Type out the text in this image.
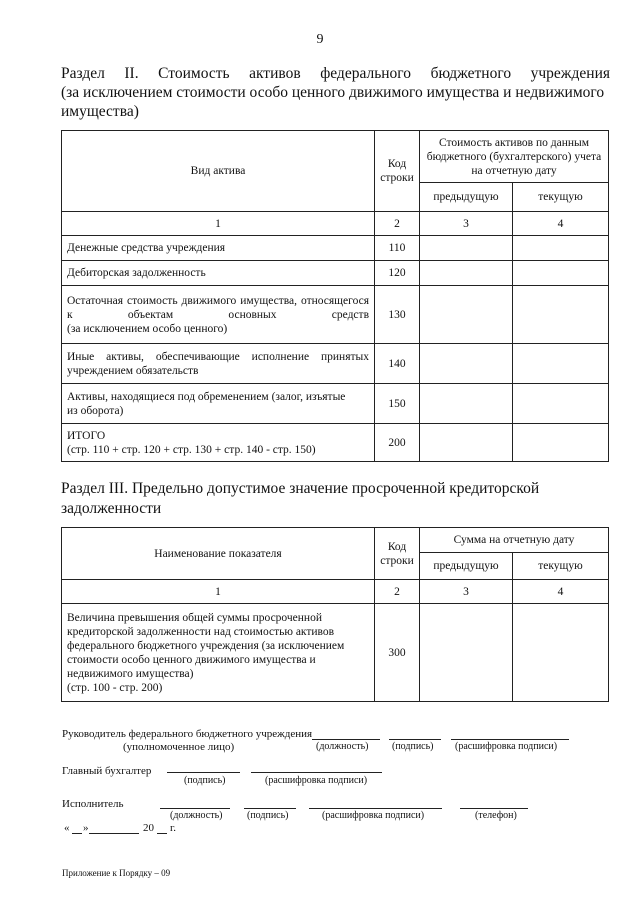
9
Раздел II. Стоимость активов федерального бюджетного учреждения
(за исключением стоимости особо ценного движимого имущества и недвижимого
имущества)
Вид актива	Код строки	Стоимость активов по данным бюджетного (бухгалтерского) учета на отчетную дату	
		предыдущую	текущую
1	2	3	4
Денежные средства учреждения	110		
Дебиторская задолженность	120		
Остаточная стоимость движимого имущества, относящегося к объектам основных средств
(за исключением особо ценного)	130		
Иные активы, обеспечивающие исполнение принятых
учреждением обязательств	140		
Активы, находящиеся под обременением (залог, изъятые
из оборота)	150		

ИТОГО
(стр. 110 + стр. 120 + стр. 130 + стр. 140 - стр. 150)	200		
Раздел III. Предельно допустимое значение просроченной кредиторской
задолженности
Наименование показателя	Код строки	Сумма на отчетную дату	
		предыдущую	текущую
1	2	3	4
Величина превышения общей суммы просроченной кредиторской задолженности над стоимостью активов федерального бюджетного учреждения (за исключением стоимости особо ценного движимого имущества и недвижимого имущества)
(стр. 100 - стр. 200)	300		
Руководитель федерального бюджетного учреждения
(уполномоченное лицо)	(должность) (подпись) (расшифровка подписи)
Главный бухгалтер
(подпись)	(расшифровка подписи)
Исполнитель
(должность) (подпись)	(расшифровка подписи)	(телефон)
« »	20 г.
Приложение к Порядку – 09
